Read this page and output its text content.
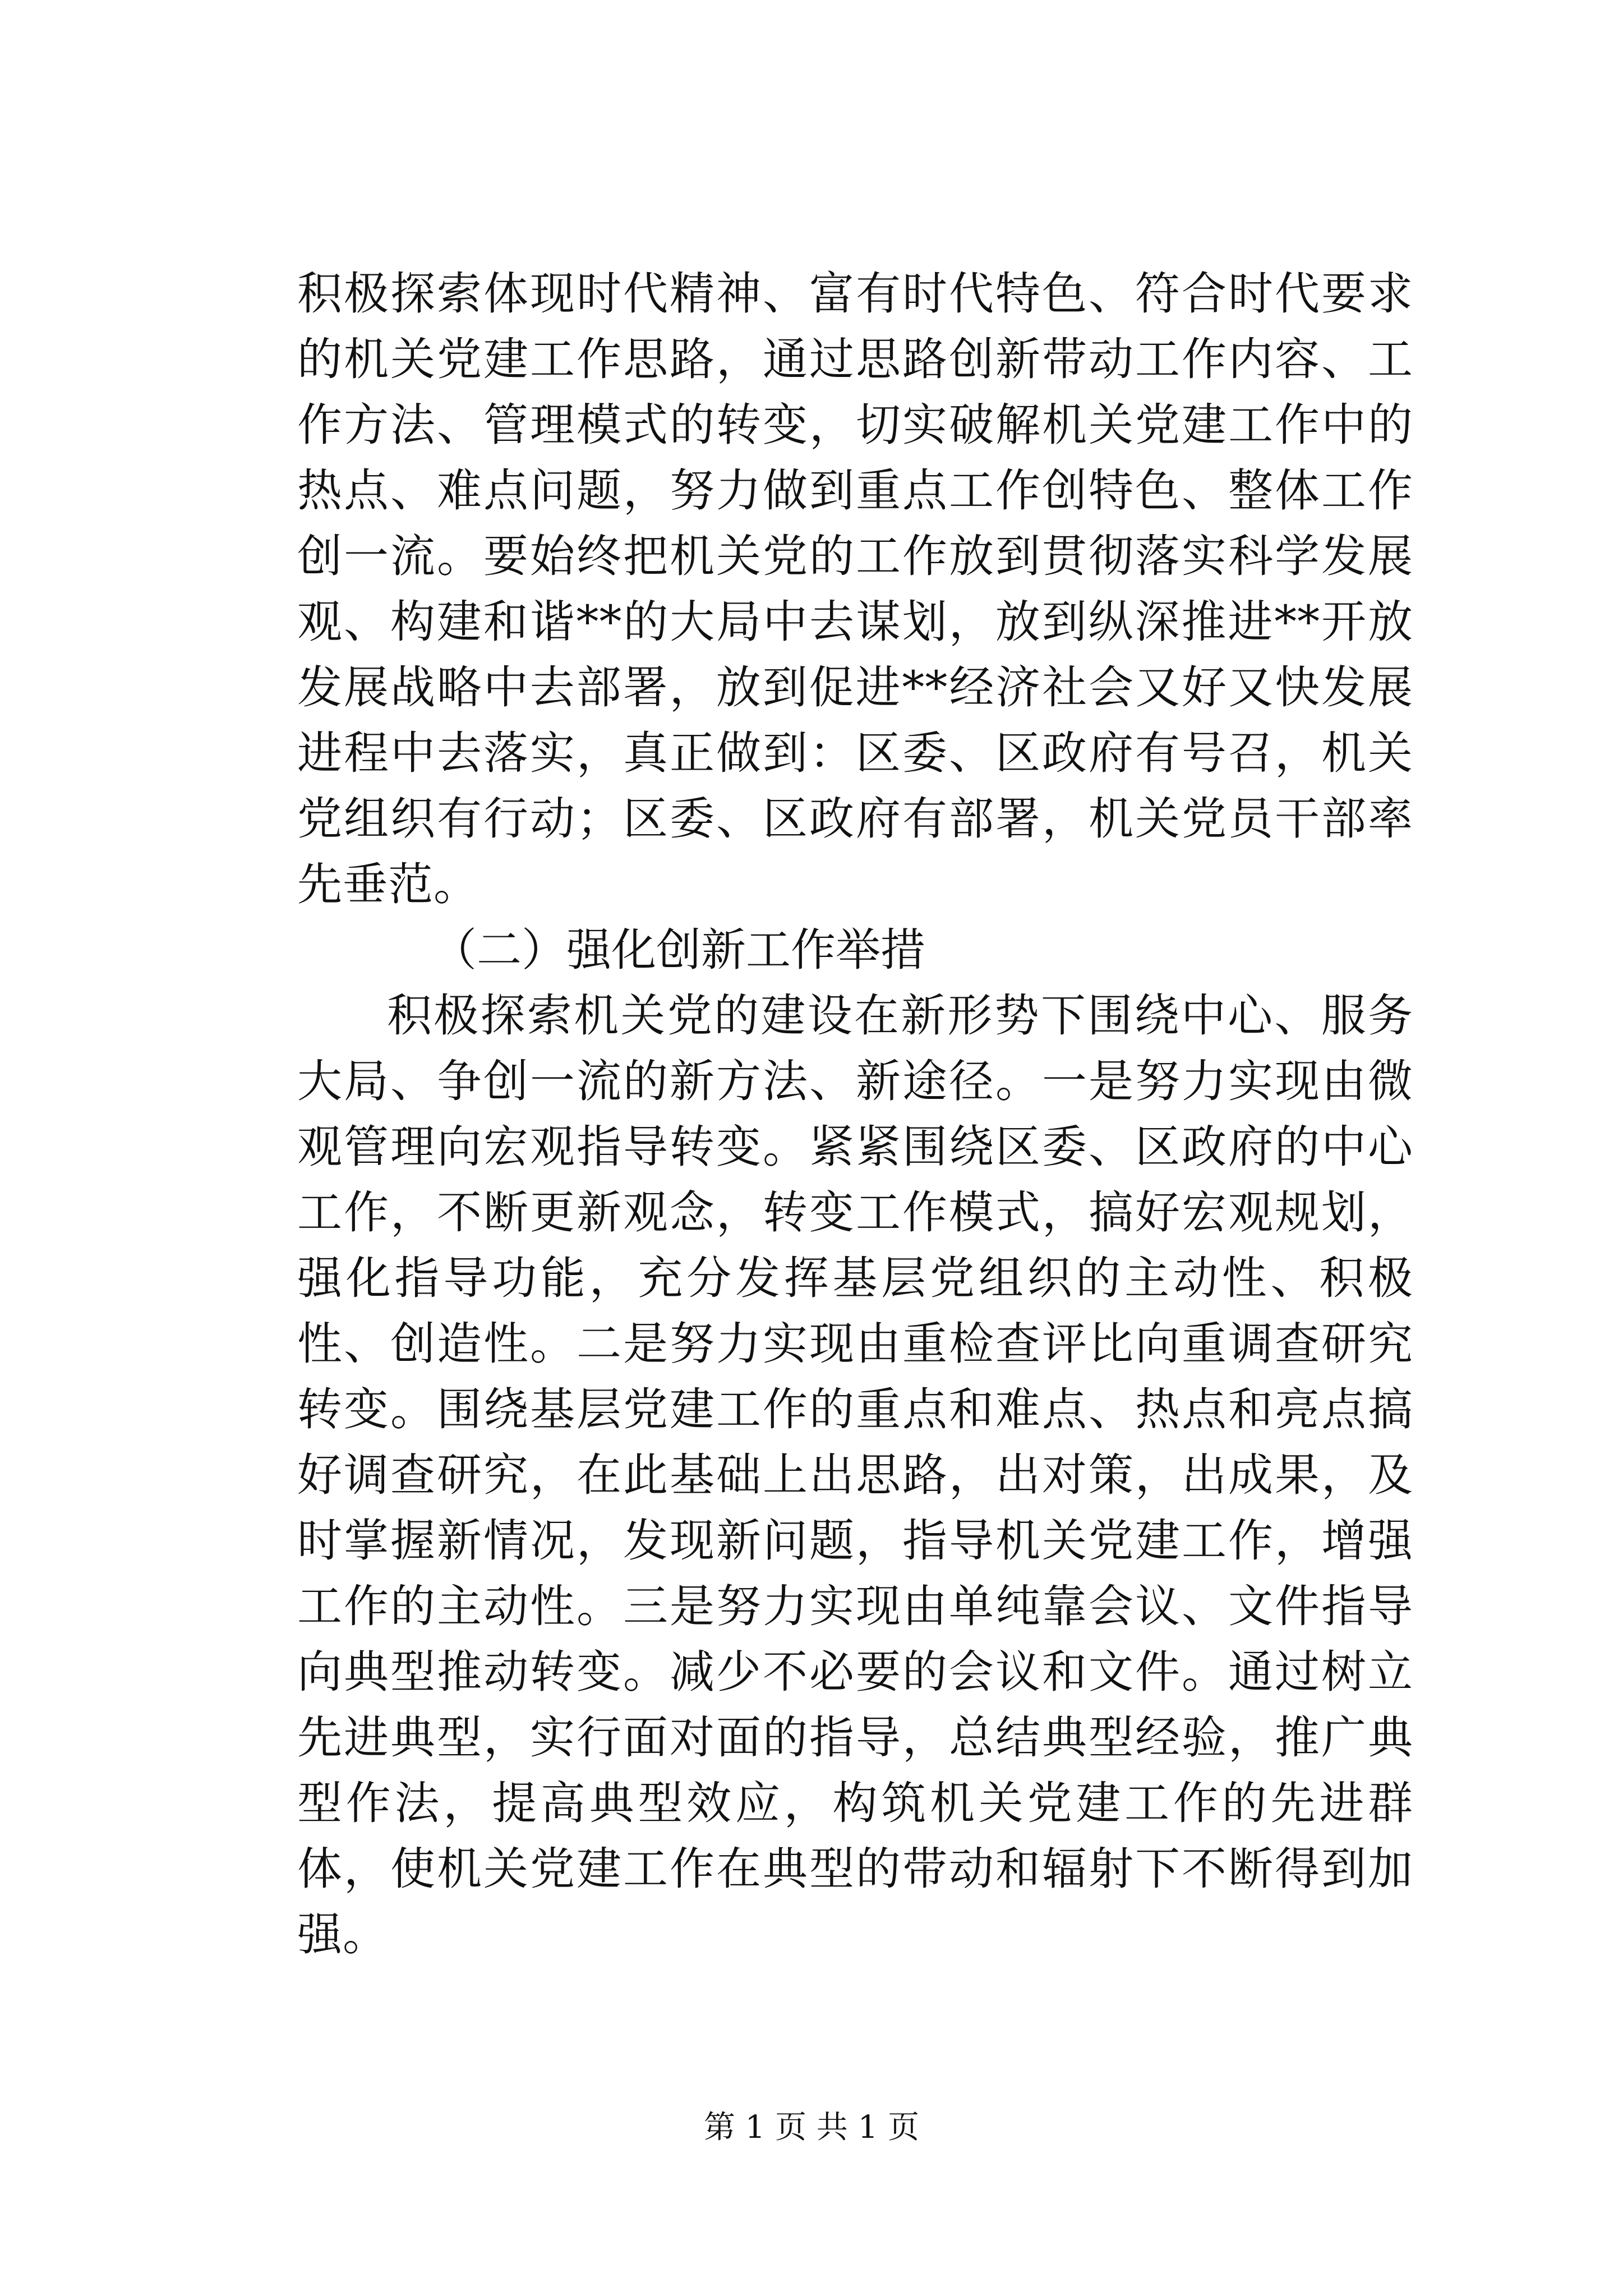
积极探索体现时代精神、富有时代特色、符合时代要求的机关党建工作思路，通过思路创新带动工作内容、工作方法、管理模式的转变，切实破解机关党建工作中的热点、难点问题，努力做到重点工作创特色、整体工作创一流。要始终把机关党的工作放到贯彻落实科学发展观、构建和谐**的大局中去谋划，放到纵深推进**开放发展战略中去部署，放到促进**经济社会又好又快发展进程中去落实，真正做到：区委、区政府有号召，机关党组织有行动；区委、区政府有部署，机关党员干部率先垂范。

（二）强化创新工作举措

积极探索机关党的建设在新形势下围绕中心、服务大局、争创一流的新方法、新途径。一是努力实现由微观管理向宏观指导转变。紧紧围绕区委、区政府的中心工作，不断更新观念，转变工作模式，搞好宏观规划，强化指导功能，充分发挥基层党组织的主动性、积极性、创造性。二是努力实现由重检查评比向重调查研究转变。围绕基层党建工作的重点和难点、热点和亮点搞好调查研究，在此基础上出思路，出对策，出成果，及时掌握新情况，发现新问题，指导机关党建工作，增强工作的主动性。三是努力实现由单纯靠会议、文件指导向典型推动转变。减少不必要的会议和文件。通过树立先进典型，实行面对面的指导，总结典型经验，推广典型作法，提高典型效应，构筑机关党建工作的先进群体，使机关党建工作在典型的带动和辐射下不断得到加强。

第 1 页 共 1 页
